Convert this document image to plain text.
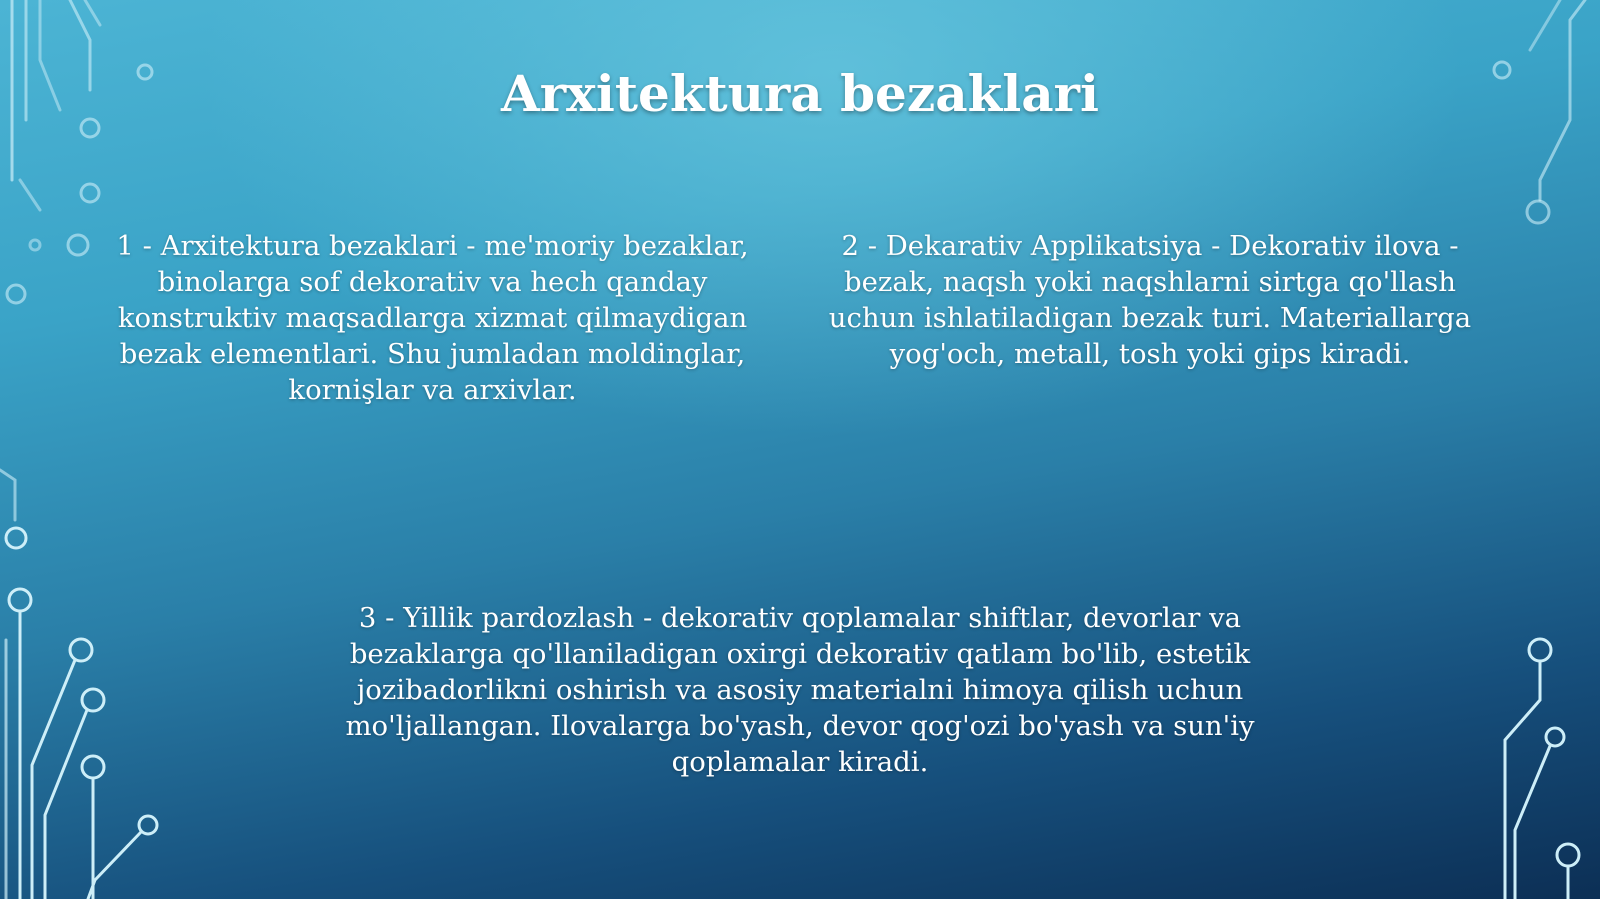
Arxitektura bezaklari

1 - Arxitektura bezaklari - me'moriy bezaklar, binolarga sof dekorativ va hech qanday konstruktiv maqsadlarga xizmat qilmaydigan bezak elementlari. Shu jumladan moldinglar, kornişlar va arxivlar.

2 - Dekarativ Applikatsiya - Dekorativ ilova - bezak, naqsh yoki naqshlarni sirtga qo'llash uchun ishlatiladigan bezak turi. Materiallarga yog'och, metall, tosh yoki gips kiradi.

3 - Yillik pardozlash - dekorativ qoplamalar shiftlar, devorlar va bezaklarga qo'llaniladigan oxirgi dekorativ qatlam bo'lib, estetik jozibadorlikni oshirish va asosiy materialni himoya qilish uchun mo'ljallangan. Ilovalarga bo'yash, devor qog'ozi bo'yash va sun'iy qoplamalar kiradi.
